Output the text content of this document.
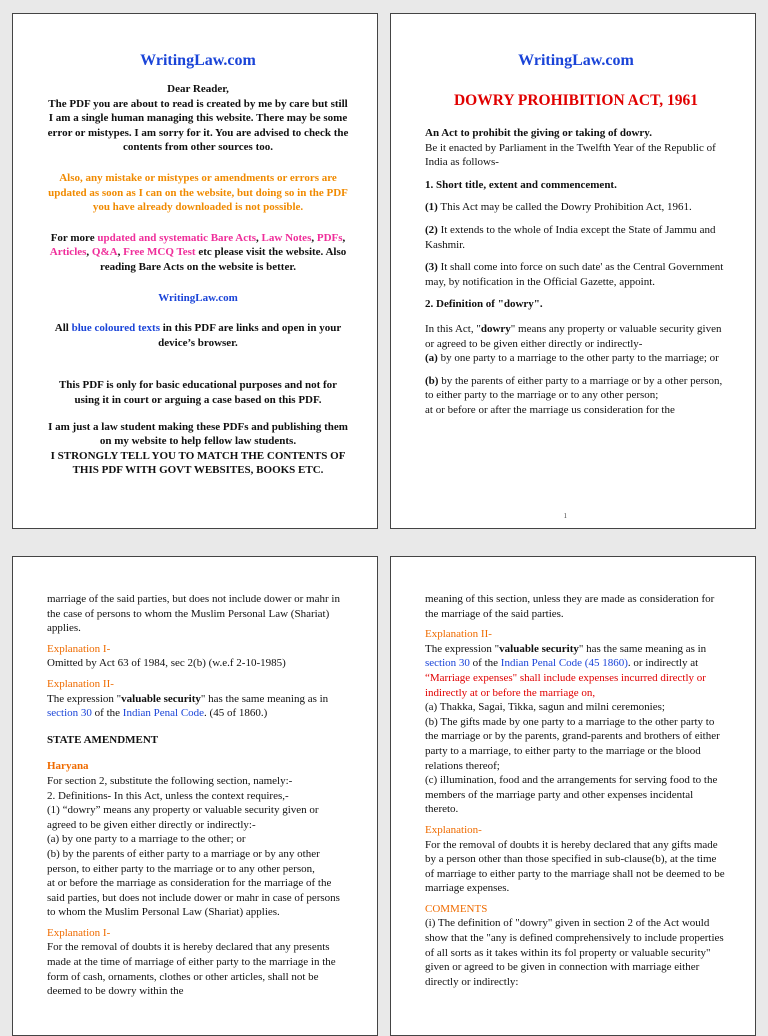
WritingLaw.com

Dear Reader,

The PDF you are about to read is created by me by care but still I am a single human managing this website. There may be some error or mistypes. I am sorry for it. You are advised to check the contents from other sources too.

Also, any mistake or mistypes or amendments or errors are updated as soon as I can on the website, but doing so in the PDF you have already downloaded is not possible.

For more updated and systematic Bare Acts, Law Notes, PDFs, Articles, Q&A, Free MCQ Test etc please visit the website. Also reading Bare Acts on the website is better.

WritingLaw.com

All blue coloured texts in this PDF are links and open in your device’s browser.

This PDF is only for basic educational purposes and not for using it in court or arguing a case based on this PDF.

I am just a law student making these PDFs and publishing them on my website to help fellow law students.

I STRONGLY TELL YOU TO MATCH THE CONTENTS OF THIS PDF WITH GOVT WEBSITES, BOOKS ETC.

WritingLaw.com

DOWRY PROHIBITION ACT, 1961

An Act to prohibit the giving or taking of dowry.

Be it enacted by Parliament in the Twelfth Year of the Republic of India as follows-

1. Short title, extent and commencement.

(1) This Act may be called the Dowry Prohibition Act, 1961.

(2) It extends to the whole of India except the State of Jammu and Kashmir.

(3) It shall come into force on such date' as the Central Government may, by notification in the Official Gazette, appoint.

2. Definition of "dowry".

In this Act, "dowry" means any property or valuable security given or agreed to be given either directly or indirectly-

(a) by one party to a marriage to the other party to the marriage; or

(b) by the parents of either party to a marriage or by a other person, to either party to the marriage or to any other person;

at or before or after the marriage us consideration for the

1

marriage of the said parties, but does not include dower or mahr in the case of persons to whom the Muslim Personal Law (Shariat) applies.

Explanation I-

Omitted by Act 63 of 1984, sec 2(b) (w.e.f 2-10-1985)

Explanation II-

The expression "valuable security" has the same meaning as in section 30 of the Indian Penal Code. (45 of 1860.)

STATE AMENDMENT

Haryana

For section 2, substitute the following section, namely:-

2. Definitions- In this Act, unless the context requires,-

(1) “dowry” means any property or valuable security given or agreed to be given either directly or indirectly:-

(a) by one party to a marriage to the other; or

(b) by the parents of either party to a marriage or by any other person, to either party to the marriage or to any other person,

at or before the marriage as consideration for the marriage of the said parties, but does not include dower or mahr in case of persons to whom the Muslim Personal Law (Shariat) applies.

Explanation I-

For the removal of doubts it is hereby declared that any presents made at the time of marriage of either party to the marriage in the form of cash, ornaments, clothes or other articles, shall not be deemed to be dowry within the

meaning of this section, unless they are made as consideration for the marriage of the said parties.

Explanation II-

The expression "valuable security" has the same meaning as in section 30 of the Indian Penal Code (45 1860). or indirectly at

“Marriage expenses" shall include expenses incurred directly or indirectly at or before the marriage on,

(a) Thakka, Sagai, Tikka, sagun and milni ceremonies;

(b) The gifts made by one party to a marriage to the other party to the marriage or by the parents, grand-parents and brothers of either party to a marriage, to either party to the marriage or the blood relations thereof;

(c) illumination, food and the arrangements for serving food to the members of the marriage party and other expenses incidental thereto.

Explanation-

For the removal of doubts it is hereby declared that any gifts made by a person other than those specified in sub-clause(b), at the time of marriage to either party to the marriage shall not be deemed to be marriage expenses.

COMMENTS

(i) The definition of "dowry" given in section 2 of the Act would show that the "any is defined comprehensively to include properties of all sorts as it takes within its fol property or valuable security" given or agreed to be given in connection with marriage either directly or indirectly:
